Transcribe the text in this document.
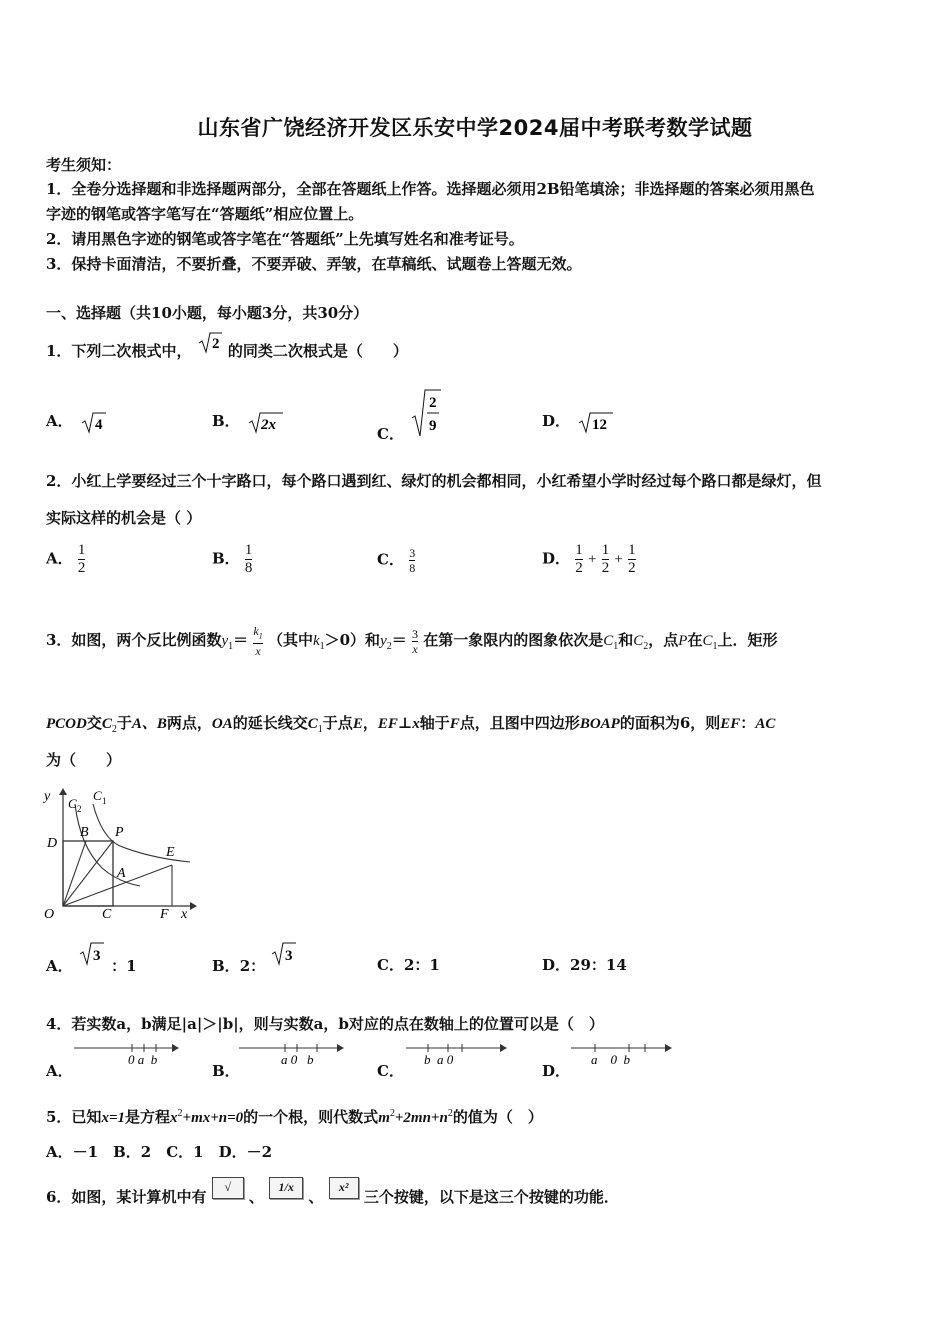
山东省广饶经济开发区乐安中学2024届中考联考数学试题
考生须知：
1．全卷分选择题和非选择题两部分，全部在答题纸上作答。选择题必须用2B铅笔填涂；非选择题的答案必须用黑色
字迹的钢笔或答字笔写在“答题纸”相应位置上。
2．请用黑色字迹的钢笔或答字笔在“答题纸”上先填写姓名和准考证号。
3．保持卡面清洁，不要折叠，不要弄破、弄皱，在草稿纸、试题卷上答题无效。
一、选择题（共10小题，每小题3分，共30分）
1．下列二次根式中， 2 的同类二次根式是（　　）
A． 4	B． 2x	C．
2
9	D． 12
2．小红上学要经过三个十字路口，每个路口遇到红、绿灯的机会都相同，小红希望小学时经过每个路口都是绿灯，但
实际这样的机会是（ ）
A． $\frac{1}{2}$	B． $\frac{1}{8}$	C． $\frac{3}{8}$	D． $\frac{1}{2} + \frac{1}{2} + \frac{1}{2}$
3．如图，两个反比例函数$y_1= \frac{k_1}{x}$ （其中$k_1>0$）和$y_2= \frac{3}{x}$ 在第一象限内的图象依次是$C_1$和$C_2$，点P在$C_1$上．矩形
PCOD交$C_2$于A、B两点，OA的延长线交$C_1$于点E，EF⊥x轴于F点，且图中四边形BOAP的面积为6，则EF：AC
为（　　）
y C 2
C 1
D
B P
E
A
O	C	F x
A．
3
：1	B．2：
3	C．2：1	D．29：14
4．若实数a，b满足|a|＞|b|，则与实数a，b对应的点在数轴上的位置可以是（　）
A．
0 a  b
B．
a 0   b
C．
b  a 0
D．
a    0  b
5．已知x=1是方程$x^2+mx+n=0$的一个根，则代数式$m^2+2mn+n^2$的值为（　）
A．－1　B．2　C．1　D．－2
6．如图，某计算机中有 √ 、 1/x 、 x² 三个按键，以下是这三个按键的功能．
